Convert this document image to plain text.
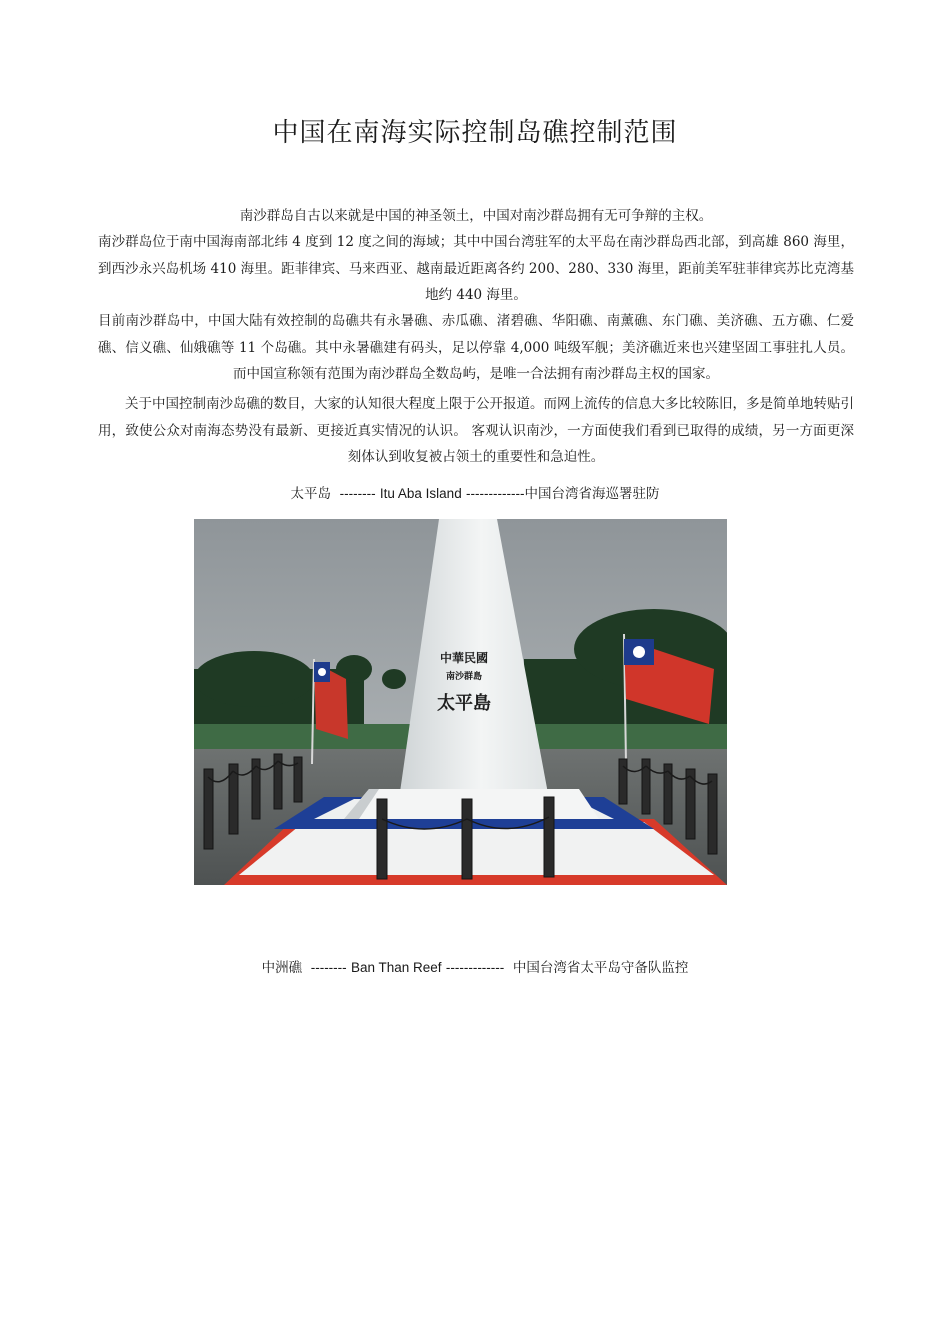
中国在南海实际控制岛礁控制范围

南沙群岛自古以来就是中国的神圣领土，中国对南沙群岛拥有无可争辩的主权。

南沙群岛位于南中国海南部北纬 4 度到 12 度之间的海域；其中中国台湾驻军的太平岛在南沙群岛西北部，到高雄 860 海里，到西沙永兴岛机场 410 海里。距菲律宾、马来西亚、越南最近距离各约 200、280、330 海里，距前美军驻菲律宾苏比克湾基地约 440 海里。

目前南沙群岛中，中国大陆有效控制的岛礁共有永暑礁、赤瓜礁、渚碧礁、华阳礁、南薰礁、东门礁、美济礁、五方礁、仁爱礁、信义礁、仙娥礁等 11 个岛礁。其中永暑礁建有码头，足以停靠 4,000 吨级军舰；美济礁近来也兴建坚固工事驻扎人员。而中国宣称领有范围为南沙群岛全数岛屿，是唯一合法拥有南沙群岛主权的国家。

关于中国控制南沙岛礁的数目，大家的认知很大程度上限于公开报道。而网上流传的信息大多比较陈旧，多是简单地转贴引用，致使公众对南海态势没有最新、更接近真实情况的认识。 客观认识南沙，一方面使我们看到已取得的成绩，另一方面更深刻体认到收复被占领土的重要性和急迫性。

太平岛 -------- Itu Aba Island -------------中国台湾省海巡署驻防
中華民國
南沙群島
太平島
中洲礁 -------- Ban Than Reef ------------- 中国台湾省太平岛守备队监控
